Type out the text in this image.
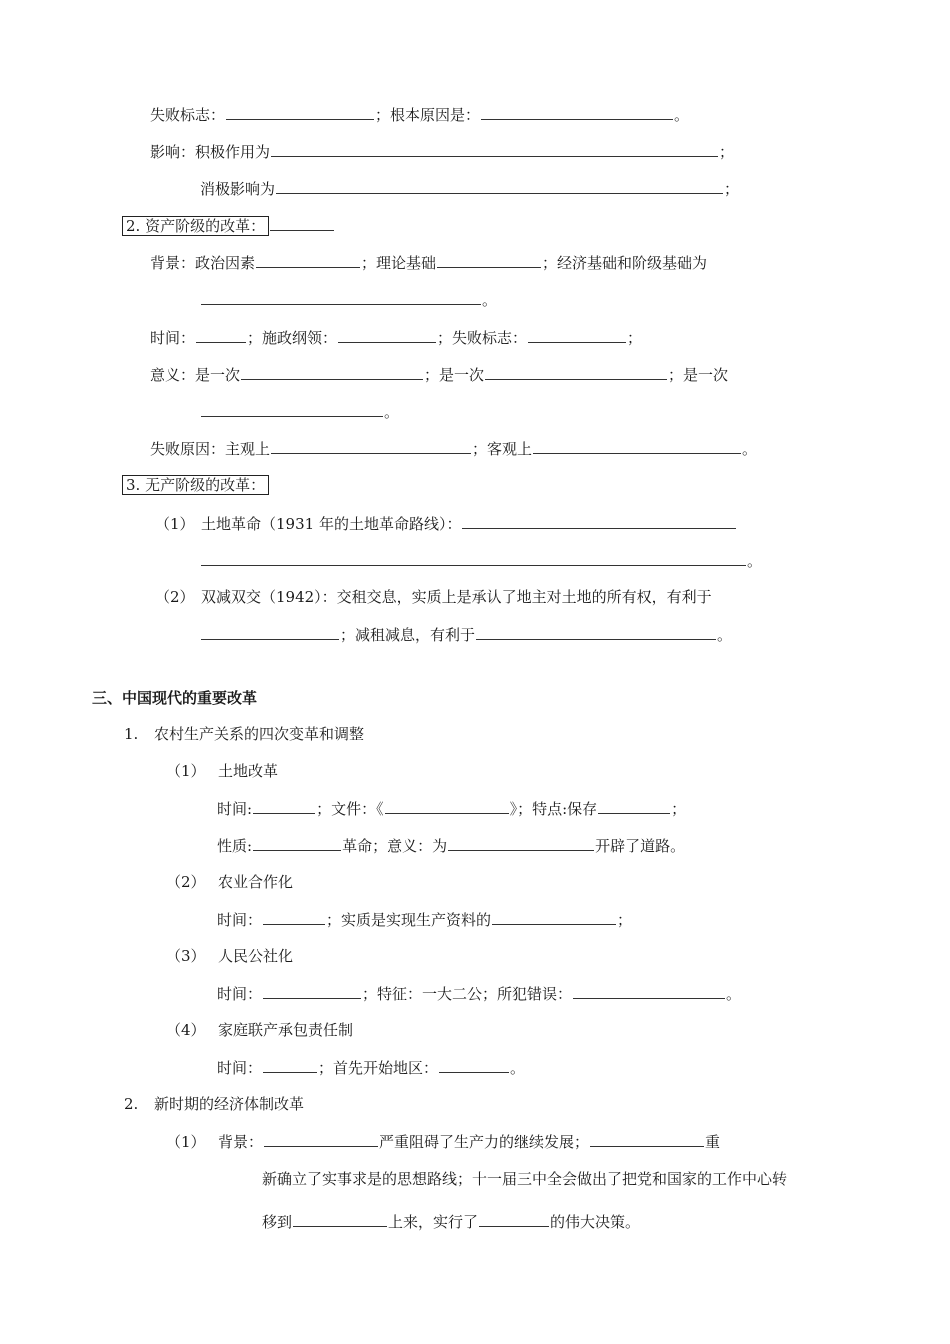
失败标志：	；根本原因是：	。
影响：积极作用为	；
消极影响为	；
2. 资产阶级的改革：
背景：政治因素	；理论基础	；经济基础和阶级基础为
。
时间：	；施政纲领：	；失败标志：	；
意义：是一次	；是一次	；是一次
。
失败原因：主观上	；客观上	。
3. 无产阶级的改革：
（1） 土地革命（1931 年的土地革命路线）：
。
（2） 双减双交（1942）：交租交息，实质上是承认了地主对土地的所有权，有利于
；减租减息，有利于	。
三、中国现代的重要改革
1. 农村生产关系的四次变革和调整
（1） 土地改革
时间:	；文件：《	》；特点:保存	；
性质:	革命；意义：为	开辟了道路。
（2） 农业合作化
时间：	；实质是实现生产资料的	；
（3） 人民公社化
时间：	；特征：一大二公；所犯错误：	。
（4） 家庭联产承包责任制
时间：	；首先开始地区：	。
2. 新时期的经济体制改革
（1） 背景：	严重阻碍了生产力的继续发展；	重
新确立了实事求是的思想路线；十一届三中全会做出了把党和国家的工作中心转
移到	上来，实行了	的伟大决策。
